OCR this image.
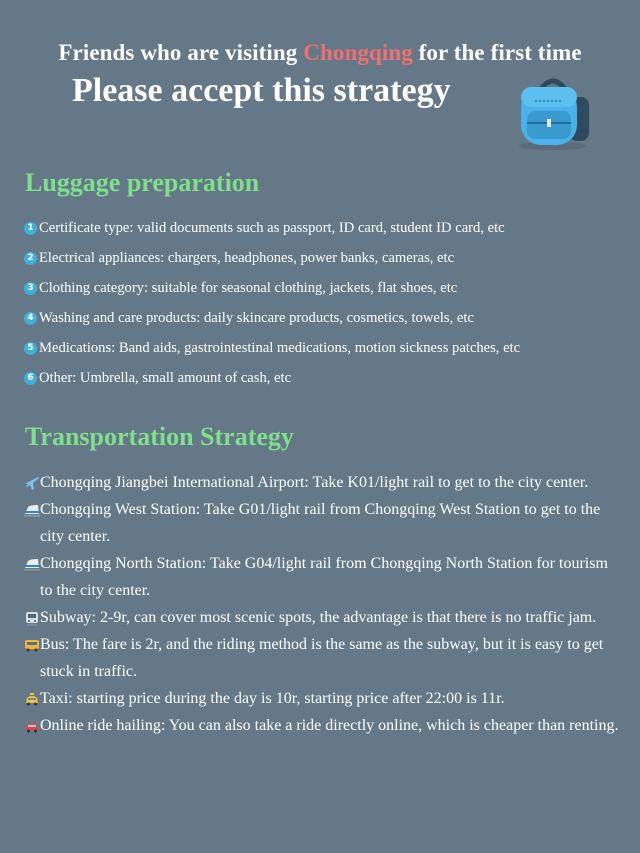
Friends who are visiting Chongqing for the first time
Please accept this strategy
Luggage preparation
1 Certificate type: valid documents such as passport, ID card, student ID card, etc
2 Electrical appliances: chargers, headphones, power banks, cameras, etc
3 Clothing category: suitable for seasonal clothing, jackets, flat shoes, etc
4 Washing and care products: daily skincare products, cosmetics, towels, etc
5 Medications: Band aids, gastrointestinal medications, motion sickness patches, etc
6 Other: Umbrella, small amount of cash, etc
Transportation Strategy
Chongqing Jiangbei International Airport: Take K01/light rail to get to the city center.
Chongqing West Station: Take G01/light rail from Chongqing West Station to get to the city center.
Chongqing North Station: Take G04/light rail from Chongqing North Station for tourism to the city center.
Subway: 2-9r, can cover most scenic spots, the advantage is that there is no traffic jam.
Bus: The fare is 2r, and the riding method is the same as the subway, but it is easy to get stuck in traffic.
Taxi: starting price during the day is 10r, starting price after 22:00 is 11r.
Online ride hailing: You can also take a ride directly online, which is cheaper than renting.
